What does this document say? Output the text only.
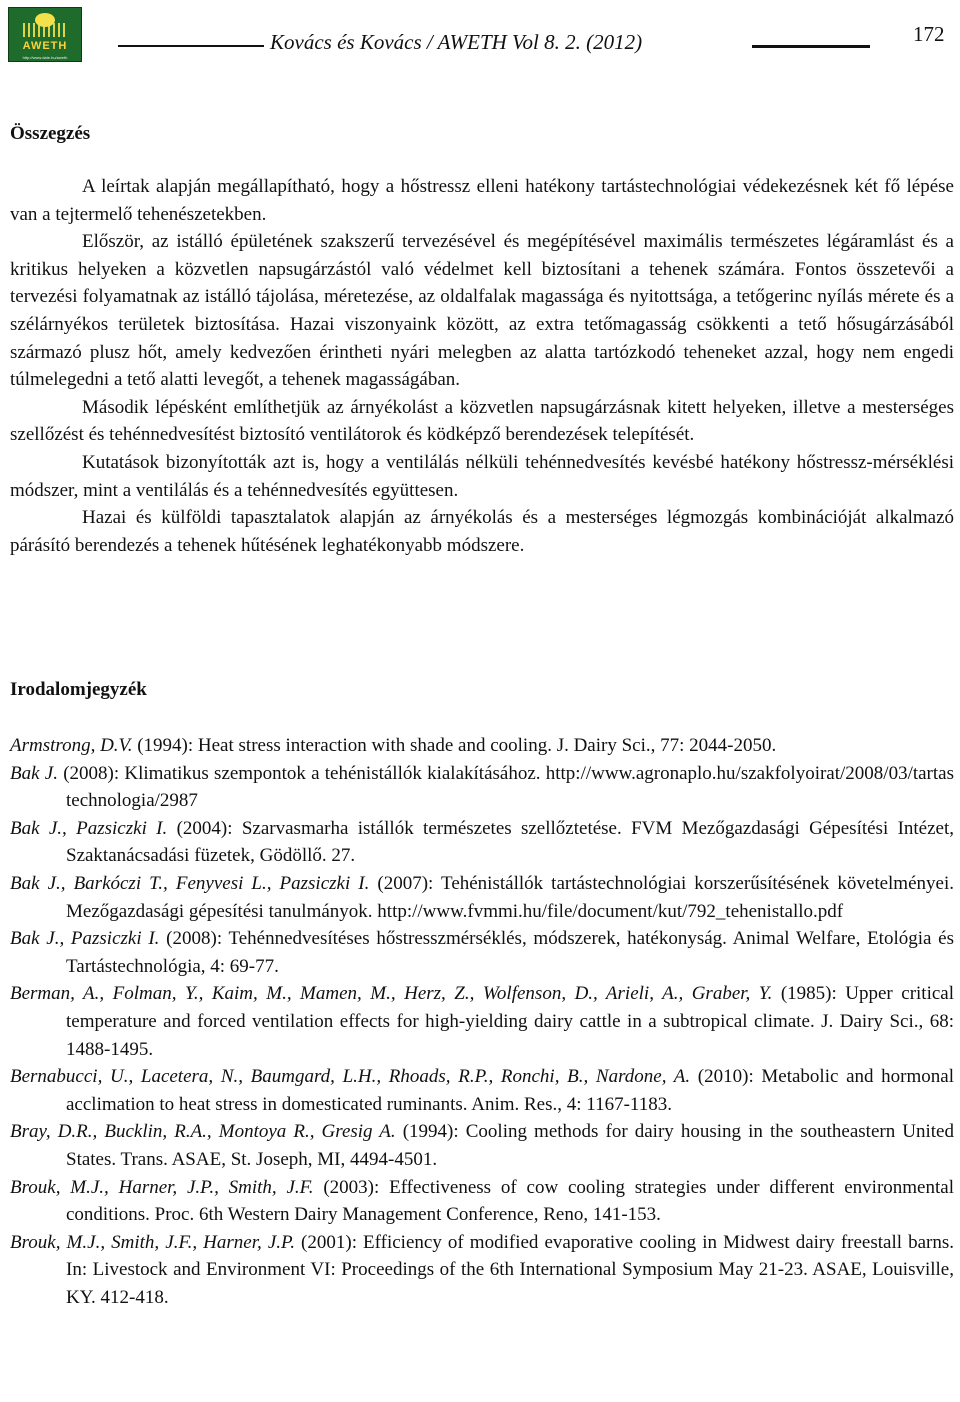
AWETH
http://www.date.hu/aweth
Kovács és Kovács / AWETH Vol 8. 2. (2012)	172
Összegzés

A leírtak alapján megállapítható, hogy a hőstressz elleni hatékony tartástechnológiai védekezésnek két fő lépése van a tejtermelő tehenészetekben.

Először, az istálló épületének szakszerű tervezésével és megépítésével maximális természetes légáramlást és a kritikus helyeken a közvetlen napsugárzástól való védelmet kell biztosítani a tehenek számára. Fontos összetevői a tervezési folyamatnak az istálló tájolása, méretezése, az oldalfalak magassága és nyitottsága, a tetőgerinc nyílás mérete és a szélárnyékos területek biztosítása. Hazai viszonyaink között, az extra tetőmagasság csökkenti a tető hősugárzásából származó plusz hőt, amely kedvezően érintheti nyári melegben az alatta tartózkodó teheneket azzal, hogy nem engedi túlmelegedni a tető alatti levegőt, a tehenek magasságában.

Második lépésként említhetjük az árnyékolást a közvetlen napsugárzásnak kitett helyeken, illetve a mesterséges szellőzést és tehénnedvesítést biztosító ventilátorok és ködképző berendezések telepítését.

Kutatások bizonyították azt is, hogy a ventilálás nélküli tehénnedvesítés kevésbé hatékony hőstressz-mérséklési módszer, mint a ventilálás és a tehénnedvesítés együttesen.

Hazai és külföldi tapasztalatok alapján az árnyékolás és a mesterséges légmozgás kombinációját alkalmazó párásító berendezés a tehenek hűtésének leghatékonyabb módszere.

Irodalomjegyzék

Armstrong, D.V. (1994): Heat stress interaction with shade and cooling. J. Dairy Sci., 77: 2044-2050.

Bak J. (2008): Klimatikus szempontok a tehénistállók kialakításához. http://www.agronaplo.hu/szakfolyoirat/2008/03/tartastechnologia/2987

Bak J., Pazsiczki I. (2004): Szarvasmarha istállók természetes szellőztetése. FVM Mezőgazdasági Gépesítési Intézet, Szaktanácsadási füzetek, Gödöllő. 27.

Bak J., Barkóczi T., Fenyvesi L., Pazsiczki I. (2007): Tehénistállók tartástechnológiai korszerűsítésének követelményei. Mezőgazdasági gépesítési tanulmányok. http://www.fvmmi.hu/file/document/kut/792_tehenistallo.pdf

Bak J., Pazsiczki I. (2008): Tehénnedvesítéses hőstresszmérséklés, módszerek, hatékonyság. Animal Welfare, Etológia és Tartástechnológia, 4: 69-77.

Berman, A., Folman, Y., Kaim, M., Mamen, M., Herz, Z., Wolfenson, D., Arieli, A., Graber, Y. (1985): Upper critical temperature and forced ventilation effects for high-yielding dairy cattle in a subtropical climate. J. Dairy Sci., 68: 1488-1495.

Bernabucci, U., Lacetera, N., Baumgard, L.H., Rhoads, R.P., Ronchi, B., Nardone, A. (2010): Metabolic and hormonal acclimation to heat stress in domesticated ruminants. Anim. Res., 4: 1167-1183.

Bray, D.R., Bucklin, R.A., Montoya R., Gresig A. (1994): Cooling methods for dairy housing in the southeastern United States. Trans. ASAE, St. Joseph, MI, 4494-4501.

Brouk, M.J., Harner, J.P., Smith, J.F. (2003): Effectiveness of cow cooling strategies under different environmental conditions. Proc. 6th Western Dairy Management Conference, Reno, 141-153.

Brouk, M.J., Smith, J.F., Harner, J.P. (2001): Efficiency of modified evaporative cooling in Midwest dairy freestall barns. In: Livestock and Environment VI: Proceedings of the 6th International Symposium May 21-23. ASAE, Louisville, KY. 412-418.
